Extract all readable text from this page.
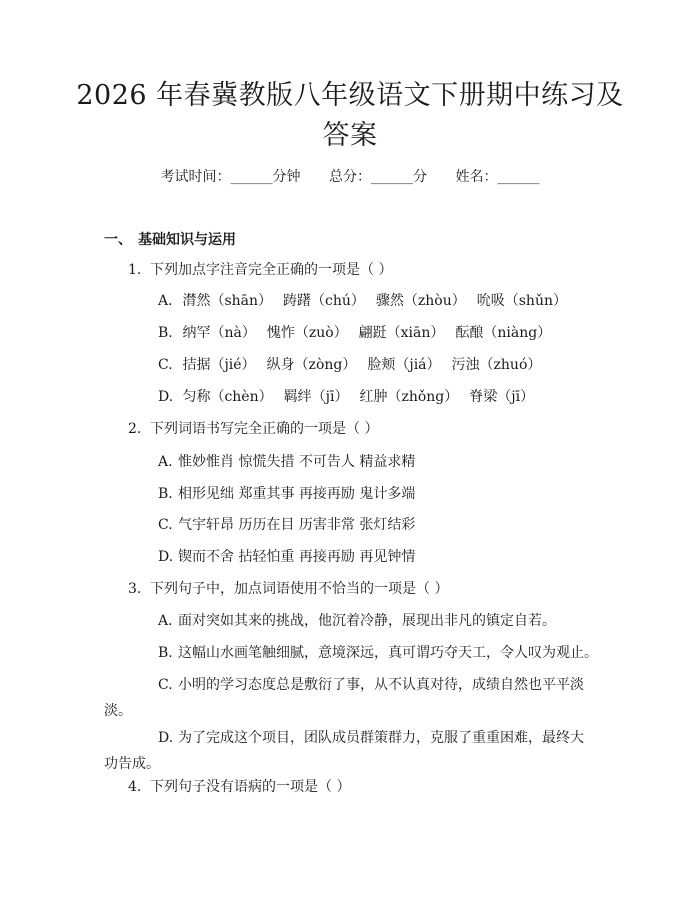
2026 年春冀教版八年级语文下册期中练习及
答案
考试时间：______分钟 总分：______分 姓名：______
一、 基础知识与运用
1. 下列加点字注音完全正确的一项是（ ）
A. 潸然（shān） 踌躇（chú） 骤然（zhòu） 吮吸（shǔn）
B. 纳罕（nà） 愧怍（zuò） 翩跹（xiān） 酝酿（niàng）
C. 拮据（jié） 纵身（zòng） 脸颊（jiá） 污浊（zhuó）
D. 匀称（chèn） 羁绊（jī） 红肿（zhǒng） 脊梁（jī）
2. 下列词语书写完全正确的一项是（ ）
A. 惟妙惟肖 惊慌失措 不可告人 精益求精
B. 相形见绌 郑重其事 再接再励 鬼计多端
C. 气宇轩昂 历历在目 历害非常 张灯结彩
D. 锲而不舍 拈轻怕重 再接再励 再见钟情
3. 下列句子中，加点词语使用不恰当的一项是（ ）
A. 面对突如其来的挑战，他沉着冷静，展现出非凡的镇定自若。
B. 这幅山水画笔触细腻，意境深远，真可谓巧夺天工，令人叹为观止。
C. 小明的学习态度总是敷衍了事，从不认真对待，成绩自然也平平淡淡。
D. 为了完成这个项目，团队成员群策群力，克服了重重困难，最终大功告成。
4. 下列句子没有语病的一项是（ ）
